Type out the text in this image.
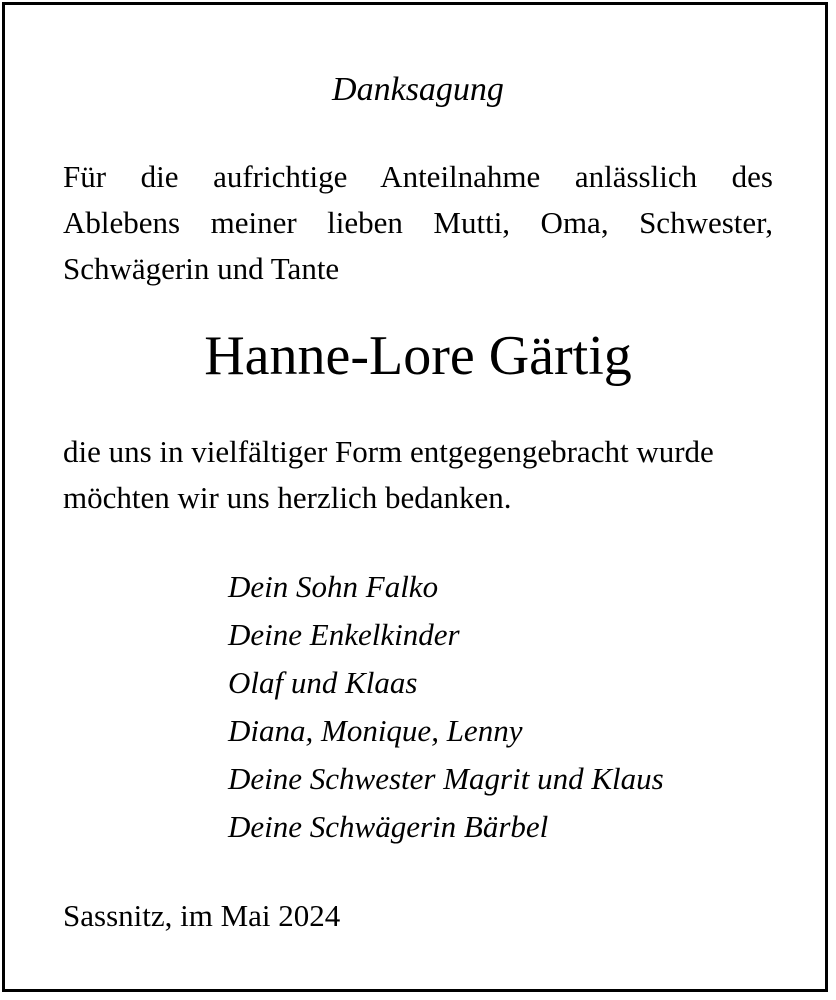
Danksagung
Für die aufrichtige Anteilnahme anlässlich des
Ablebens meiner lieben Mutti, Oma, Schwester,
Schwägerin und Tante
Hanne-Lore Gärtig
die uns in vielfältiger Form entgegengebracht wurde
möchten wir uns herzlich bedanken.
Dein Sohn Falko
Deine Enkelkinder
Olaf und Klaas
Diana, Monique, Lenny
Deine Schwester Magrit und Klaus
Deine Schwägerin Bärbel
Sassnitz, im Mai 2024
